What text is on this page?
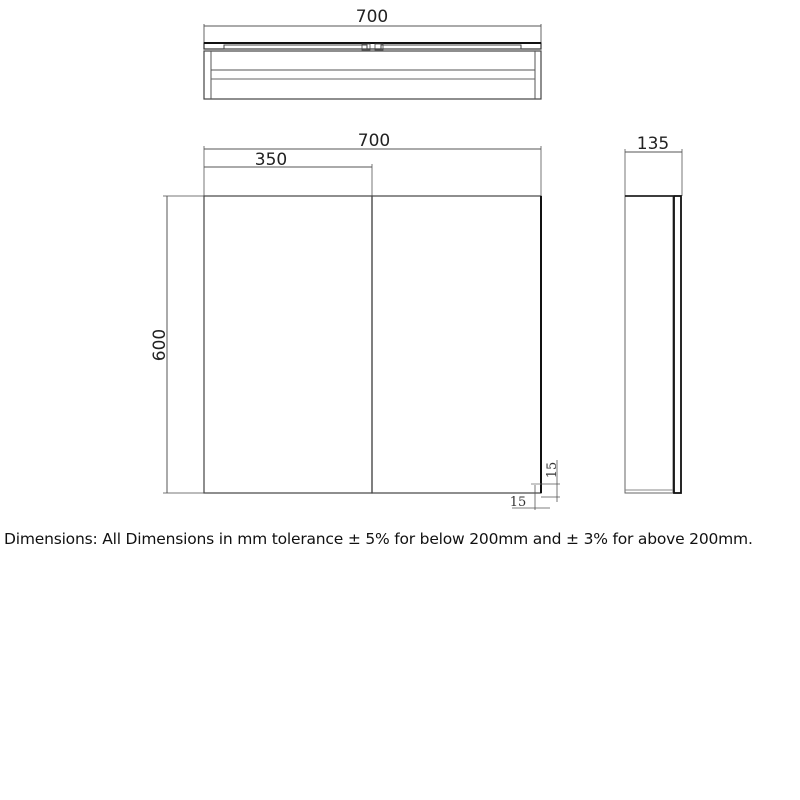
700
700
350
600
15
15
135
Dimensions: All Dimensions in mm tolerance ± 5% for below 200mm and ± 3% for above 200mm.
